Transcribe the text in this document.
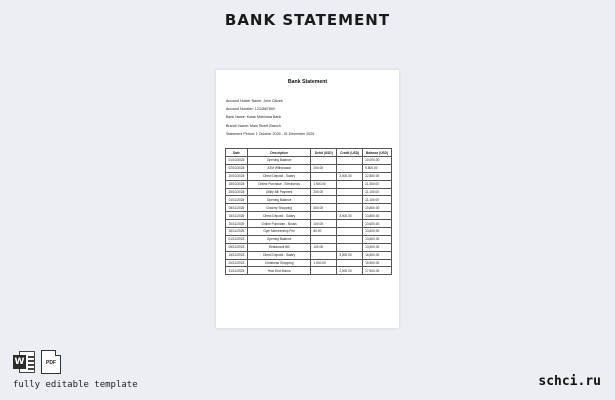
BANK STATEMENT
Bank Statement
Account Holder Name: John Citizek
Account Number: 1234567890
Bank Name: Kotak Mahindra Bank
Branch Name: Main Street Branch
Statement Period: 1 October 2025 - 31 December 2025
Date	Description	Debit (USD)	Credit (USD)	Balance (USD)
01/10/2025	Opening Balance			10,000.00
02/10/2025	ATM Withdrawal	200.00		9,800.00
10/10/2025	Direct Deposit - Salary		3,000.00	12,800.00
15/10/2025	Online Purchase - Electronics	1,500.00		11,300.00
25/10/2025	Utility Bill Payment	200.00		11,100.00
01/11/2025	Opening Balance			11,100.00
05/11/2025	Grocery Shopping	300.00		10,800.00
15/11/2025	Direct Deposit - Salary		3,000.00	13,800.00
20/11/2025	Online Purchase - Books	100.00		13,600.00
30/11/2025	Gym Membership Fee	80.00		13,600.00
01/12/2025	Opening Balance			13,600.00
05/12/2025	Restaurant Bill	100.00		13,500.00
15/12/2025	Direct Deposit - Salary		3,000.00	16,500.00
20/12/2025	Christmas Shopping	1,000.00		15,500.00
31/12/2025	Year-End Bonus		2,000.00	17,500.00
W	PDF
fully editable template	schci.ru
